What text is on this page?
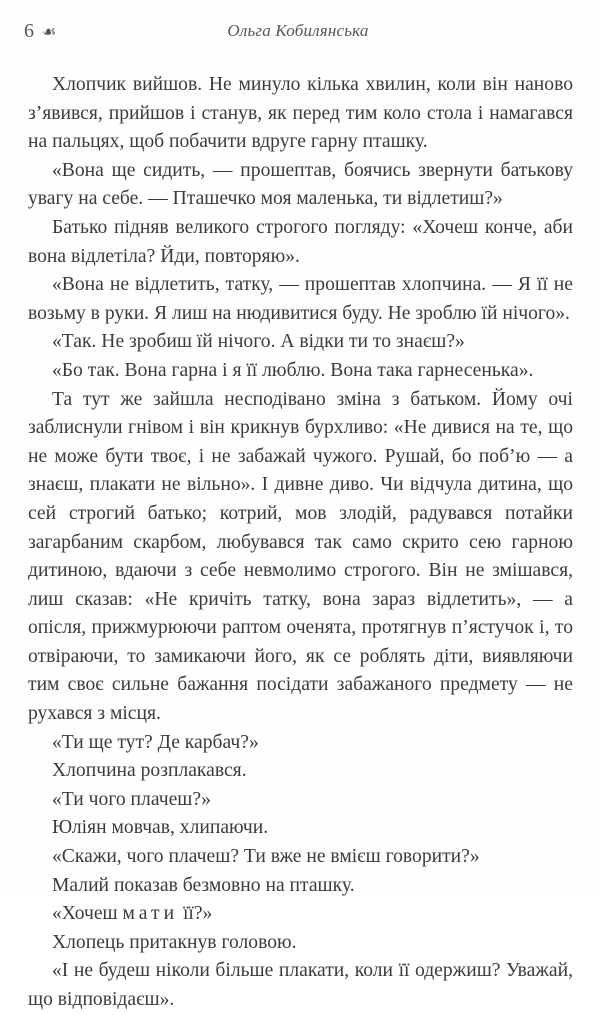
6 ☙	Ольга Кобилянська

Хлопчик вийшов. Не минуло кілька хвилин, коли він наново з’явився, прийшов і станув, як перед тим коло стола і намагався на пальцях, щоб побачити вдруге гарну пташку.

«Вона ще сидить, — прошептав, боячись звернути батькову увагу на себе. — Пташечко моя маленька, ти відлетиш?»

Батько підняв великого строгого погляду: «Хочеш конче, аби вона відлетіла? Йди, повторяю».

«Вона не відлетить, татку, — прошептав хлопчина. — Я її не возьму в руки. Я лиш на нюдивитися буду. Не зроблю їй нічого».

«Так. Не зробиш їй нічого. А відки ти то знаєш?»

«Бо так. Вона гарна і я її люблю. Вона така гарнесенька».

Та тут же зайшла несподівано зміна з батьком. Йому очі заблиснули гнівом і він крикнув бурхливо: «Не дивися на те, що не може бути твоє, і не забажай чужого. Рушай, бо поб’ю — а знаєш, плакати не вільно». І дивне диво. Чи відчула дитина, що сей строгий батько; котрий, мов злодій, радувався потайки загарбаним скарбом, любувався так само скрито сею гарною дитиною, вдаючи з себе невмолимо строгого. Він не змішався, лиш сказав: «Не кричіть татку, вона зараз відлетить», — а опісля, прижмурюючи раптом оченята, протягнув п’ястучок і, то отвіраючи, то замикаючи його, як се роблять діти, виявляючи тим своє сильне бажання посідати забажаного предмету — не рухався з місця.

«Ти ще тут? Де карбач?»

Хлопчина розплакався.

«Ти чого плачеш?»

Юліян мовчав, хлипаючи.

«Скажи, чого плачеш? Ти вже не вмієш говорити?»

Малий показав безмовно на пташку.

«Хочеш мати її?»

Хлопець притакнув головою.

«І не будеш ніколи більше плакати, коли її одержиш? Уважай, що відповідаєш».
